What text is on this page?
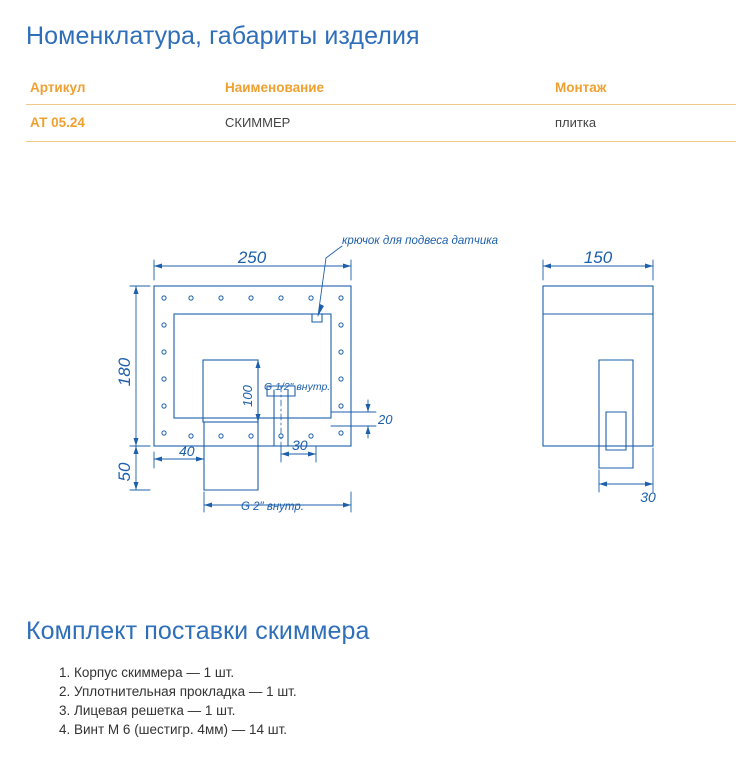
Номенклатура, габариты изделия
Артикул	Наименование	Монтаж
АТ 05.24	СКИММЕР	плитка
250
180
50
100
40	30
20
150
30
крючок для подвеса датчика
G 1/2" внутр.
G 2" внутр.
Комплект поставки скиммера
1. Корпус скиммера — 1 шт.
2. Уплотнительная прокладка — 1 шт.
3. Лицевая решетка — 1 шт.
4. Винт М 6 (шестигр. 4мм) — 14 шт.
